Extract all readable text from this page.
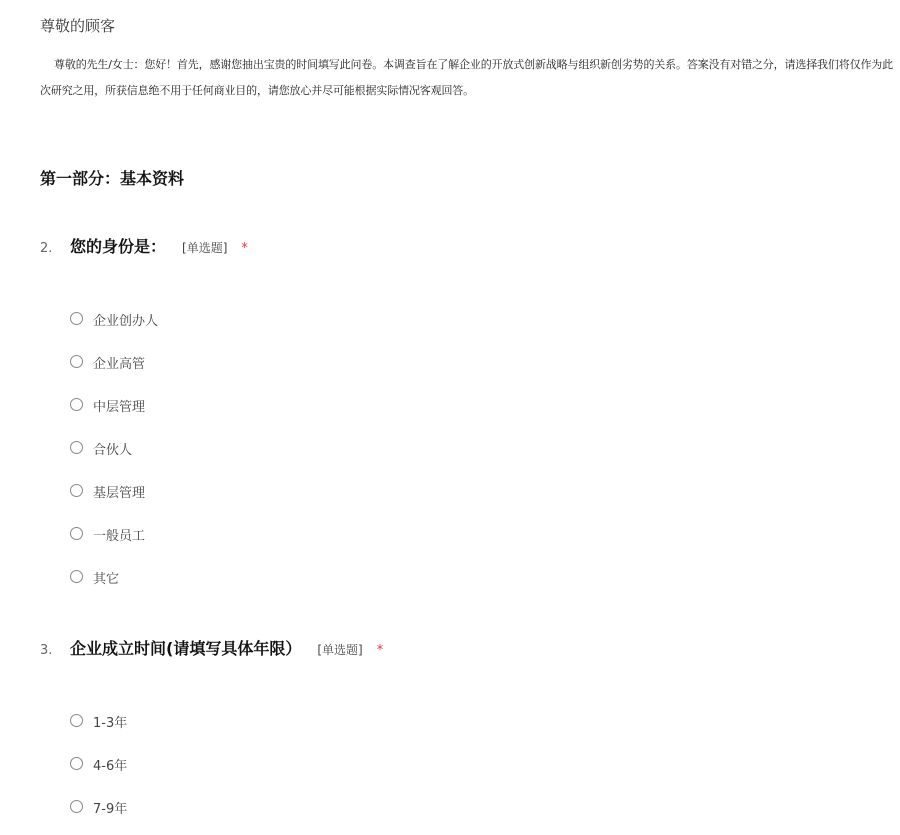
尊敬的顾客
尊敬的先生/女士：您好！首先，感谢您抽出宝贵的时间填写此问卷。本调查旨在了解企业的开放式创新战略与组织新创劣势的关系。答案没有对错之分，请选择我们将仅作为此次研究之用，所获信息绝不用于任何商业目的，请您放心并尽可能根据实际情况客观回答。
第一部分：基本资料
2.	您的身份是： [单选题] *
企业创办人
企业高管
中层管理
合伙人
基层管理
一般员工
其它
3.	企业成立时间(请填写具体年限） [单选题] *
1-3年
4-6年
7-9年
